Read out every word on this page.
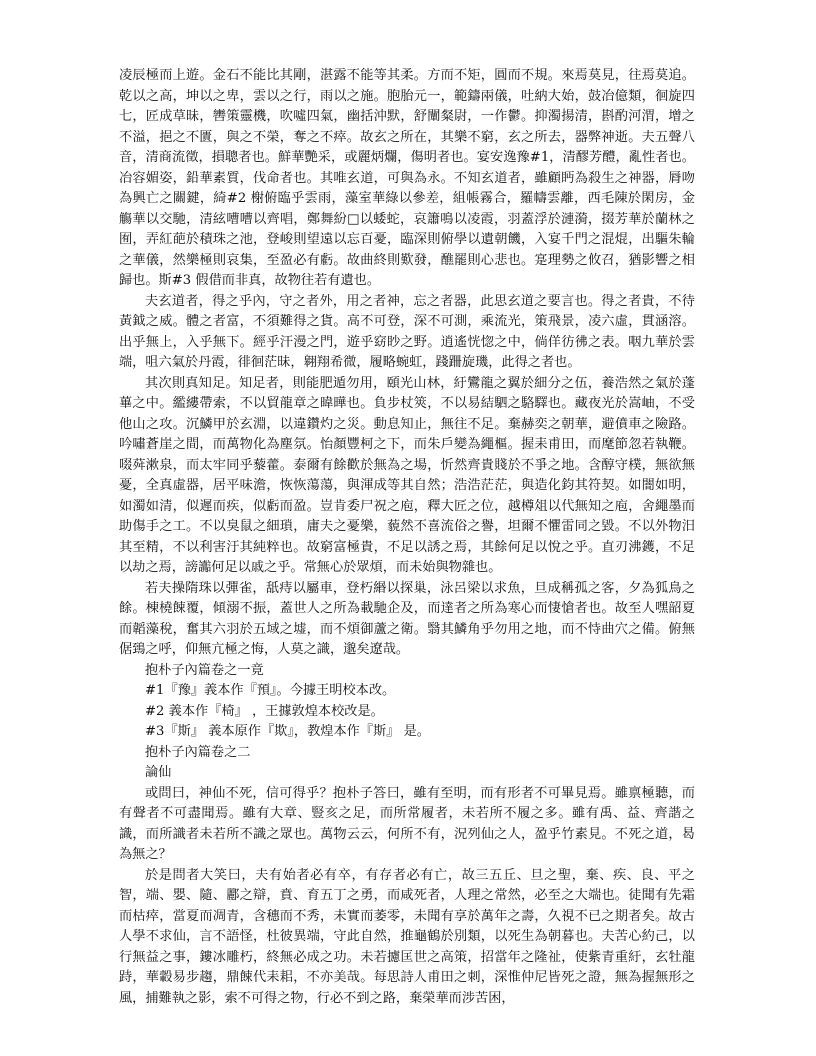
凌辰極而上遊。金石不能比其剛，湛露不能等其柔。方而不矩，圓而不規。來焉莫見，往焉莫追。乾以之高，坤以之卑，雲以之行，雨以之施。胞胎元一，範鑄兩儀，吐納大始，鼓冶億類，徊旋四七，匠成草昧，轡策靈機，吹噓四氣，幽括沖默，舒闡粲尉，一作鬱。抑濁揚清，斟酌河渭，增之不溢，挹之不匱，與之不榮，奪之不瘁。故玄之所在，其樂不窮，玄之所去，器弊神逝。夫五聲八音，清商流徵，損聰者也。鮮華艷采，或麗炳爛，傷明者也。宴安逸豫#1，清醪芳醴，亂性者也。冶容媚姿，鉛華素質，伐命者也。其唯玄道，可與為永。不知玄道者，雖顧眄為殺生之神器，脣吻為興亡之關鍵，綺#2 榭俯臨乎雲雨，藻室華綠以參差，組帳霧合，羅幬雲離，西毛陳於閑房，金觴華以交馳，清絃嘈嘈以齊唱，鄭舞紛□以蜲蛇，哀簫鳴以凌霞，羽蓋浮於漣漪，掇芳華於蘭林之囿，弄紅葩於積珠之池，登峻則望遠以忘百憂，臨深則俯學以遺朝饑，入宴千門之混焜，出驅朱輪之華儀，然樂極則哀集，至盈必有虧。故曲終則歎發，醮罷則心悲也。寔理勢之攸召，猶影響之相歸也。斯#3 假借而非真，故物往若有遺也。

夫玄道者，得之乎內，守之者外，用之者神，忘之者器，此思玄道之要言也。得之者貴，不待黃鉞之威。體之者富，不須難得之貨。高不可登，深不可測，乘流光，策飛景，凌六虛，貫涵溶。出乎無上，入乎無下。經乎汗漫之門，遊乎窈眇之野。逍遙恍惚之中，倘佯彷彿之表。咽九華於雲端，咀六氣於丹霞，徘徊茫昧，翱翔希微，履略蜿虹，踐跚旋璣，此得之者也。

其次則真知足。知足者，則能肥遁勿用，頤光山林，紆鸞龍之翼於細分之伍，養浩然之氣於蓬蓽之中。繿縷帶索，不以貿龍章之暐曄也。負步杖筴，不以易結駟之駱驛也。藏夜光於嵩岫，不受他山之攻。沉鱗甲於玄淵，以違鑽灼之災。動息知止，無往不足。棄赫奕之朝華，避僨車之險路。吟嘯蒼崖之間，而萬物化為塵氛。怡顏豐柯之下，而朱戶變為繩樞。握耒甫田，而麾節忽若執鞭。啜荈漱泉，而太牢同乎藜藿。泰爾有餘歡於無為之場，忻然齊貴賤於不爭之地。含醇守樸，無欲無憂，全真虛器，居平味澹，恢恢蕩蕩，與渾成等其自然；浩浩茫茫，與造化鈞其符契。如闇如明，如濁如清，似遲而疾，似虧而盈。豈肯委尸祝之庖，釋大匠之位，越樽俎以代無知之庖，舍繩墨而助傷手之工。不以臭鼠之細瑣，庸夫之憂樂，藐然不喜流俗之譽，坦爾不懼雷同之毀。不以外物汨其至精，不以利害汙其純粹也。故窮富極貴，不足以誘之焉，其餘何足以悅之乎。直刃沸鑊，不足以劫之焉，謗讟何足以戚之乎。常無心於眾煩，而未始與物雜也。

若夫操隋珠以彈雀，舐痔以屬車，登朽緡以探巢，泳呂梁以求魚，旦成稱孤之客，夕為狐鳥之餘。棟橈餗覆，傾溺不振，蓋世人之所為載馳企及，而達者之所為寒心而悽愴者也。故至人嘿韶夏而韜藻稅，奮其六羽於五域之墟，而不煩御蘆之衛。翳其鱗角乎勿用之地，而不恃曲穴之備。俯無倨鵄之呼，仰無亢極之悔，人莫之識，邈矣遼哉。

抱朴子內篇卷之一竟

#1『豫』義本作『預』。今據王明校本改。

#2 義本作『椅』 ，王據敦煌本校改是。

#3『斯』 義本原作『欺』，教煌本作『斯』 是。

抱朴子內篇卷之二

論仙

或問曰，神仙不死，信可得乎？抱朴子答曰，雖有至明，而有形者不可畢見焉。雖禀極聽，而有聲者不可盡聞焉。雖有大章、豎亥之足，而所常履者，未若所不履之多。雖有禹、益、齊諧之識，而所識者未若所不識之眾也。萬物云云，何所不有，況列仙之人，盈乎竹素見。不死之道，曷為無之？

於是問者大笑曰，夫有始者必有卒，有存者必有亡，故三五丘、旦之聖，棄、疾、良、平之智，端、嬰、隨、酈之辯，賁、育五丁之勇，而咸死者，人理之常然，必至之大端也。徒聞有先霜而枯瘁，當夏而凋青，含穗而不秀，未實而萎零，未聞有享於萬年之壽，久視不已之期者矣。故古人學不求仙，言不語怪，杜彼異端，守此自然，推龜鶴於別類，以死生為朝暮也。夫苦心約己，以行無益之事，鏤冰雕朽，終無必成之功。未若攄匡世之高策，招當年之隆祉，使紫青重紆，玄牡龍跱，華轂易步趨，鼎餗代耒耜，不亦美哉。每思詩人甫田之刺，深惟仲尼皆死之證，無為握無形之風，捕難執之影，索不可得之物，行必不到之路，棄榮華而涉苦困，
